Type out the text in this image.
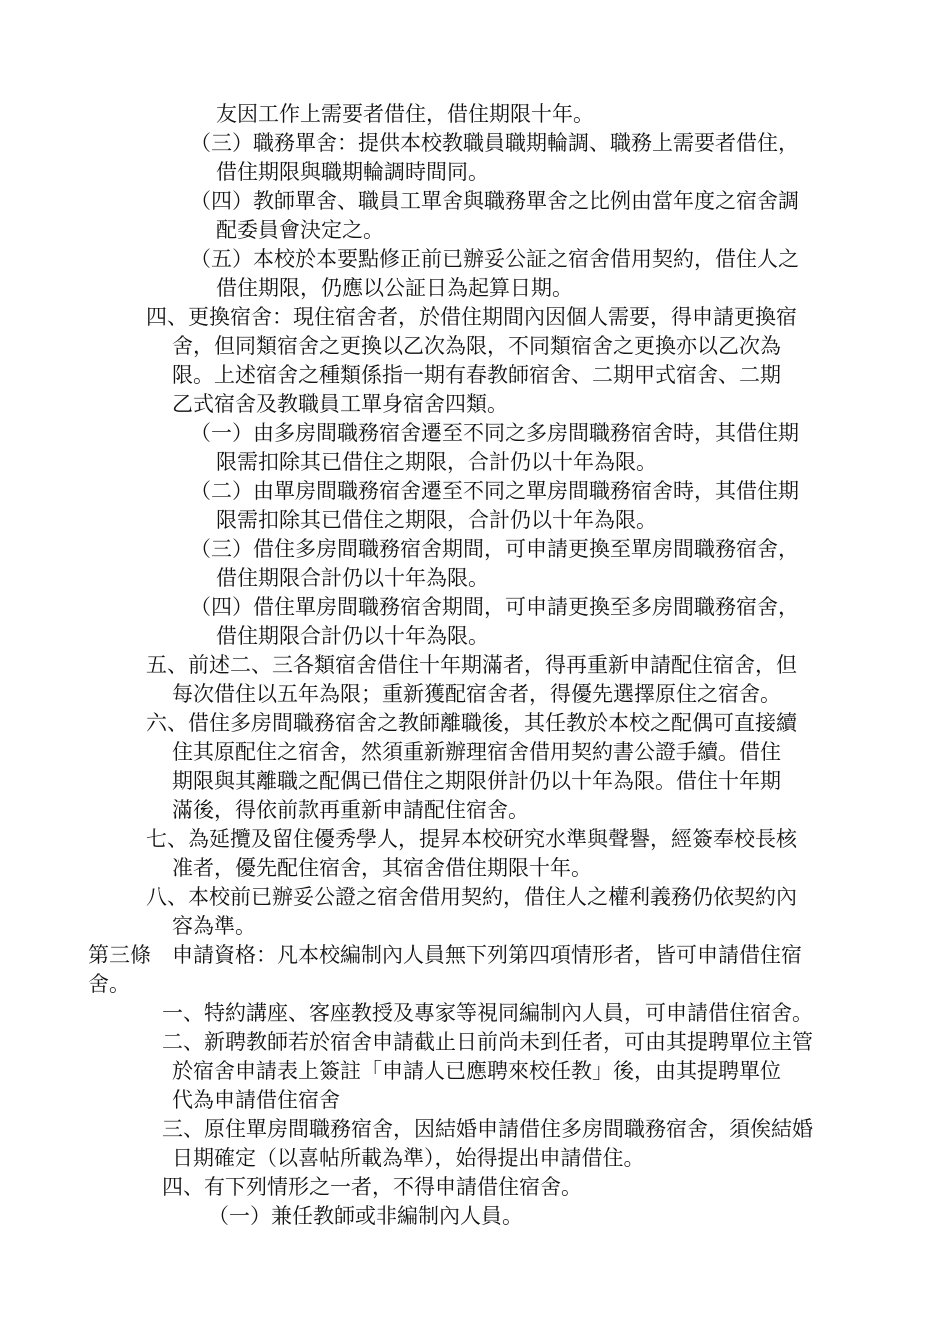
友因工作上需要者借住，借住期限十年。
（三）職務單舍：提供本校教職員職期輪調、職務上需要者借住，
借住期限與職期輪調時間同。
（四）教師單舍、職員工單舍與職務單舍之比例由當年度之宿舍調
配委員會決定之。
（五）本校於本要點修正前已辦妥公証之宿舍借用契約，借住人之
借住期限，仍應以公証日為起算日期。
四、更換宿舍：現住宿舍者，於借住期間內因個人需要，得申請更換宿
舍，但同類宿舍之更換以乙次為限，不同類宿舍之更換亦以乙次為
限。上述宿舍之種類係指一期有春教師宿舍、二期甲式宿舍、二期
乙式宿舍及教職員工單身宿舍四類。
（一）由多房間職務宿舍遷至不同之多房間職務宿舍時，其借住期
限需扣除其已借住之期限，合計仍以十年為限。
（二）由單房間職務宿舍遷至不同之單房間職務宿舍時，其借住期
限需扣除其已借住之期限，合計仍以十年為限。
（三）借住多房間職務宿舍期間，可申請更換至單房間職務宿舍，
借住期限合計仍以十年為限。
（四）借住單房間職務宿舍期間，可申請更換至多房間職務宿舍，
借住期限合計仍以十年為限。
五、前述二、三各類宿舍借住十年期滿者，得再重新申請配住宿舍，但
每次借住以五年為限；重新獲配宿舍者，得優先選擇原住之宿舍。
六、借住多房間職務宿舍之教師離職後，其任教於本校之配偶可直接續
住其原配住之宿舍，然須重新辦理宿舍借用契約書公證手續。借住
期限與其離職之配偶已借住之期限併計仍以十年為限。借住十年期
滿後，得依前款再重新申請配住宿舍。
七、為延攬及留住優秀學人，提昇本校研究水準與聲譽，經簽奉校長核
准者，優先配住宿舍，其宿舍借住期限十年。
八、本校前已辦妥公證之宿舍借用契約，借住人之權利義務仍依契約內
容為準。
第三條　申請資格：凡本校編制內人員無下列第四項情形者，皆可申請借住宿
舍。
一、特約講座、客座教授及專家等視同編制內人員，可申請借住宿舍。
二、新聘教師若於宿舍申請截止日前尚未到任者，可由其提聘單位主管
於宿舍申請表上簽註「申請人已應聘來校任教」後，由其提聘單位
代為申請借住宿舍
三、原住單房間職務宿舍，因結婚申請借住多房間職務宿舍，須俟結婚
日期確定（以喜帖所載為準），始得提出申請借住。
四、有下列情形之一者，不得申請借住宿舍。
（一）兼任教師或非編制內人員。
